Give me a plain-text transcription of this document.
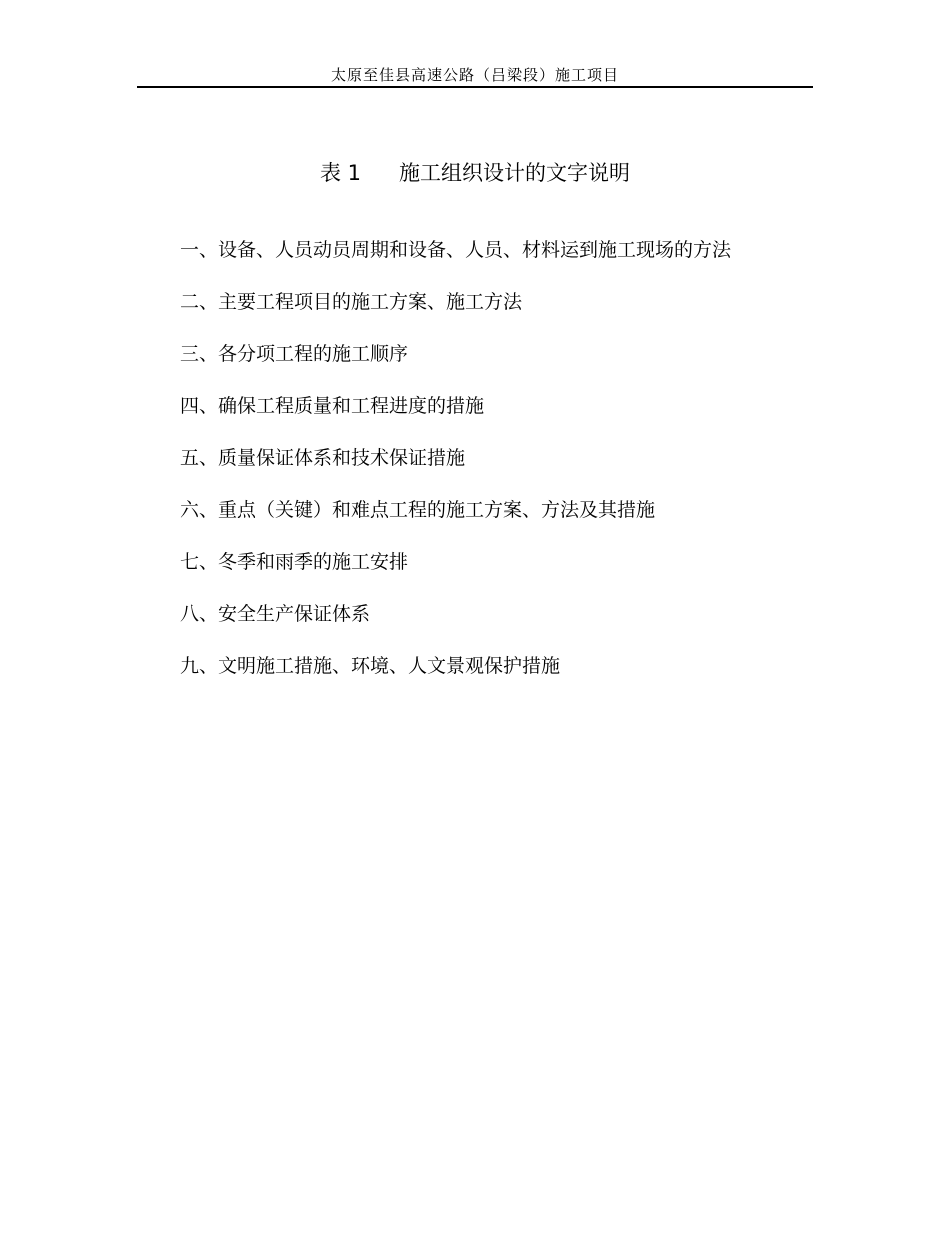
太原至佳县高速公路（吕梁段）施工项目
表 1 施工组织设计的文字说明
一、设备、人员动员周期和设备、人员、材料运到施工现场的方法
二、主要工程项目的施工方案、施工方法
三、各分项工程的施工顺序
四、确保工程质量和工程进度的措施
五、质量保证体系和技术保证措施
六、重点（关键）和难点工程的施工方案、方法及其措施
七、冬季和雨季的施工安排
八、安全生产保证体系
九、文明施工措施、环境、人文景观保护措施
